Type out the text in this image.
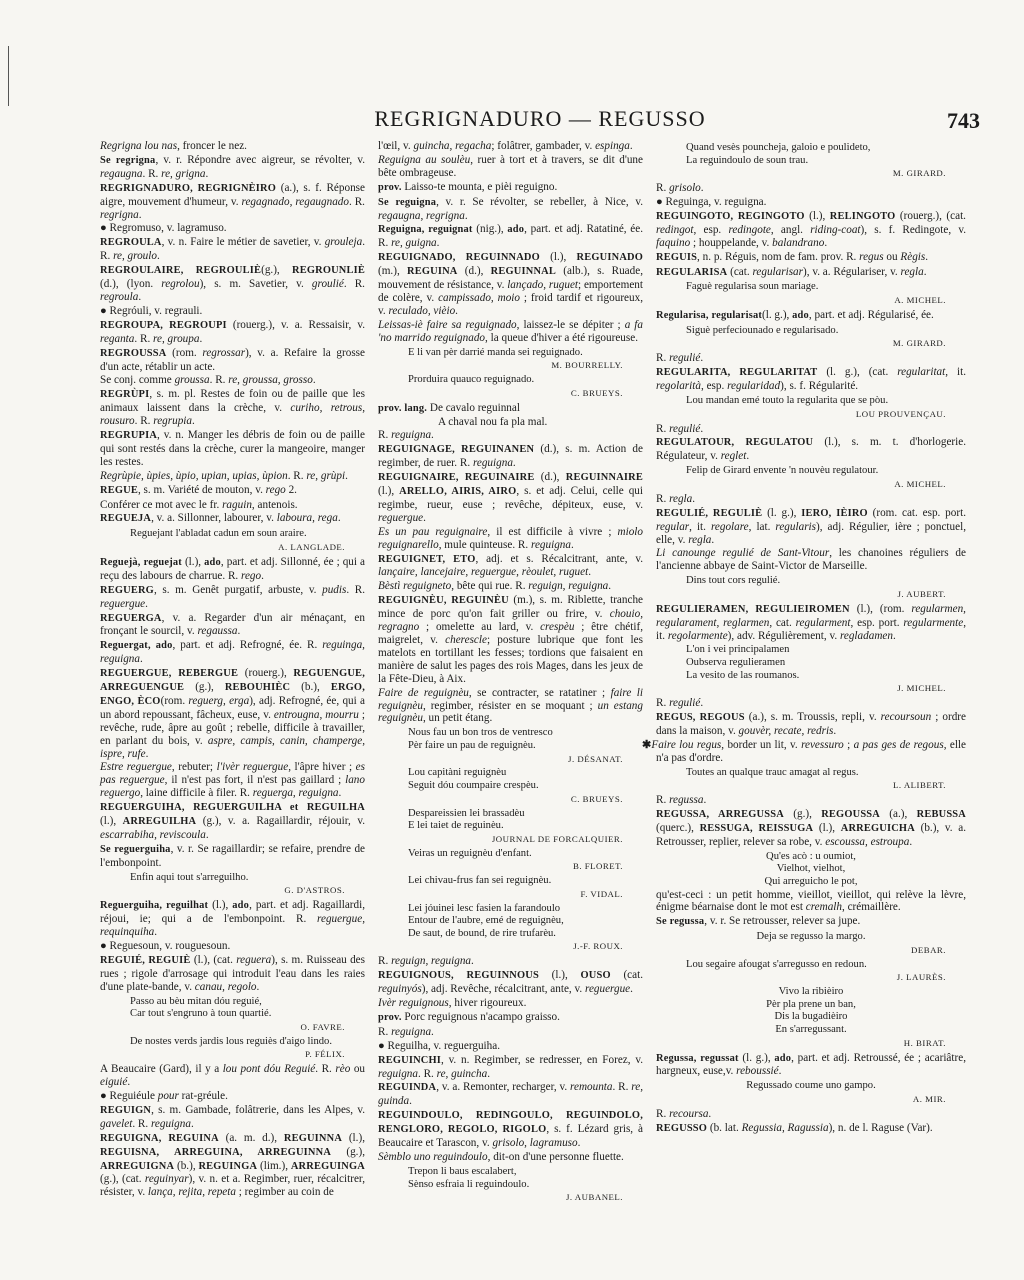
REGRIGNADURO — REGUSSO	743
Regrigna lou nas, froncer le nez.
Se regrigna, v. r. Répondre avec aigreur, se révolter, v. regaugna. R. re, grigna.
REGRIGNADURO, REGRIGNÈIRO (a.), s. f. Réponse aigre, mouvement d'humeur, v. regagnado, regaugnado. R. regrigna.
● Regromuso, v. lagramuso.
REGROULA, v. n. Faire le métier de savetier, v. grouleja. R. re, groulo.
REGROULAIRE, REGROULIÈ(g.), REGROUNLIÈ (d.), (lyon. regrolou), s. m. Savetier, v. groulié. R. regroula.
● Regróuli, v. regrauli.
REGROUPA, REGROUPI (rouerg.), v. a. Ressaisir, v. reganta. R. re, groupa.
REGROUSSA (rom. regrossar), v. a. Refaire la grosse d'un acte, rétablir un acte.
Se conj. comme groussa. R. re, groussa, grosso.
REGRÙPI, s. m. pl. Restes de foin ou de paille que les animaux laissent dans la crèche, v. curiho, retrous, rousuro. R. regrupia.
REGRUPIA, v. n. Manger les débris de foin ou de paille qui sont restés dans la crèche, curer la mangeoire, manger les restes.
Regrùpie, ùpies, ùpio, upian, upias, ùpion. R. re, grùpi.
REGUE, s. m. Variété de mouton, v. rego 2.
Conférer ce mot avec le fr. raguin, antenois.
REGUEJA, v. a. Sillonner, labourer, v. laboura, rega.
Reguejant l'abladat cadun em soun araire.
A. LANGLADE.
Reguejà, reguejat (l.), ado, part. et adj. Sillonné, ée ; qui a reçu des labours de charrue. R. rego.
REGUERG, s. m. Genêt purgatif, arbuste, v. pudis. R. reguergue.
REGUERGA, v. a. Regarder d'un air ménaçant, en fronçant le sourcil, v. regaussa.
Reguergat, ado, part. et adj. Refrogné, ée. R. reguinga, reguigna.
REGUERGUE, REBERGUE (rouerg.), REGUENGUE, ARREGUENGUE (g.), REBOUHIÈC (b.), ERGO, ENGO, ÈCO(rom. reguerg, erga), adj. Refrogné, ée, qui a un abord repoussant, fâcheux, euse, v. entrougna, mourru ; revêche, rude, âpre au goût ; rebelle, difficile à travailler, en parlant du bois, v. aspre, campis, canin, champerge, ispre, rufe.
Estre reguergue, rebuter; l'ivèr reguergue, l'âpre hiver ; es pas reguergue, il n'est pas fort, il n'est pas gaillard ; lano reguergo, laine difficile à filer. R. reguerga, reguigna.
REGUERGUIHA, REGUERGUILHA et REGUILHA (l.), ARREGUILHA (g.), v. a. Ragaillardir, réjouir, v. escarrabiha, reviscoula.
Se reguerguiha, v. r. Se ragaillardir; se refaire, prendre de l'embonpoint.
Enfin aqui tout s'arreguilho.
G. D'ASTROS.
Reguerguiha, reguilhat (l.), ado, part. et adj. Ragaillardi, réjoui, ie; qui a de l'embonpoint. R. reguergue, requinquiha.
● Reguesoun, v. rouguesoun.
REGUIÉ, REGUIÈ (l.), (cat. reguera), s. m. Ruisseau des rues ; rigole d'arrosage qui introduit l'eau dans les raies d'une plate-bande, v. canau, regolo.
Passo au bèu mitan dóu reguié,
Car tout s'engruno à toun quartié.
O. FAVRE.
De nostes verds jardis lous reguiès d'aigo lindo.
P. FÉLIX.
A Beaucaire (Gard), il y a lou pont dóu Reguié. R. rèo ou eiguié.
● Reguiéule pour rat-gréule.
REGUIGN, s. m. Gambade, folâtrerie, dans les Alpes, v. gavelet. R. reguigna.
REGUIGNA, REGUINA (a. m. d.), REGUINNA (l.), REGUISNA, ARREGUINA, ARREGUINNA (g.), ARREGUIGNA (b.), REGUINGA (lim.), ARREGUINGA (g.), (cat. reguinyar), v. n. et a. Regimber, ruer, récalcitrer, résister, v. lança, rejita, repeta ; regimber au coin de
l'œil, v. guincha, regacha; folâtrer, gambader, v. espinga.
Reguigna au soulèu, ruer à tort et à travers, se dit d'une bête ombrageuse.
prov. Laisso-te mounta, e pièi reguigno.
Se reguigna, v. r. Se révolter, se rebeller, à Nice, v. regaugna, regrigna.
Reguigna, reguignat (nig.), ado, part. et adj. Ratatiné, ée. R. re, guigna.
REGUIGNADO, REGUINNADO (l.), REGUINADO (m.), REGUINA (d.), REGUINNAL (alb.), s. Ruade, mouvement de résistance, v. lançado, ruguet; emportement de colère, v. campissado, moio ; froid tardif et rigoureux, v. reculado, vièio.
Leissas-iè faire sa reguignado, laissez-le se dépiter ; a fa 'no marrido reguignado, la queue d'hiver a été rigoureuse.
E li van pèr darrié manda sei reguignado.
M. BOURRELLY.
Prorduira quauco reguignado.
C. BRUEYS.
prov. lang. De cavalo reguinnal
A chaval nou fa pla mal.
R. reguigna.
REGUIGNAGE, REGUINANEN (d.), s. m. Action de regimber, de ruer. R. reguigna.
REGUIGNAIRE, REGUINAIRE (d.), REGUINNAIRE (l.), ARELLO, AIRIS, AIRO, s. et adj. Celui, celle qui regimbe, rueur, euse ; revêche, dépiteux, euse, v. reguergue.
Es un pau reguignaire, il est difficile à vivre ; miolo reguignarello, mule quinteuse. R. reguigna.
REGUIGNET, ETO, adj. et s. Récalcitrant, ante, v. lançaire, lancejaire, reguergue, rèoulet, ruguet.
Bèstì reguigneto, bête qui rue. R. reguign, reguigna.
REGUIGNÈU, REGUINÈU (m.), s. m. Riblette, tranche mince de porc qu'on fait griller ou frire, v. chouio, regragno ; omelette au lard, v. crespèu ; être chétif, maigrelet, v. cherescle; posture lubrique que font les matelots en tortillant les fesses; tordions que faisaient en manière de salut les pages des rois Mages, dans les jeux de la Fête-Dieu, à Aix.
Faire de reguignèu, se contracter, se ratatiner ; faire li reguignèu, regimber, résister en se moquant ; un estang reguignèu, un petit étang.
Nous fau un bon tros de ventresco
Pèr faire un pau de reguignèu.
J. DÉSANAT.
Lou capitàni reguignèu
Seguit dóu coumpaire crespèu.
C. BRUEYS.
Despareissien lei brassadèu
E lei taiet de reguinèu.
JOURNAL DE FORCALQUIER.
Veiras un reguignèu d'enfant.
B. FLORET.
Lei chivau-frus fan sei reguignèu.
F. VIDAL.
Lei jóuinei lesc fasien la farandoulo
Entour de l'aubre, emé de reguignèu,
De saut, de bound, de rire trufarèu.
J.-F. ROUX.
R. reguign, reguigna.
REGUIGNOUS, REGUINNOUS (l.), OUSO (cat. reguinyós), adj. Revêche, récalcitrant, ante, v. reguergue.
Ivèr reguignous, hiver rigoureux.
prov. Porc reguignous n'acampo graisso.
R. reguigna.
● Reguilha, v. reguerguiha.
REGUINCHI, v. n. Regimber, se redresser, en Forez, v. reguigna. R. re, guincha.
REGUINDA, v. a. Remonter, recharger, v. remounta. R. re, guinda.
REGUINDOULO, REDINGOULO, REGUINDOLO, RENGLORO, REGOLO, RIGOLO, s. f. Lézard gris, à Beaucaire et Tarascon, v. grisolo, lagramuso.
Sèmblo uno reguindoulo, dit-on d'une personne fluette.
Trepon li baus escalabert,
Sènso esfraia li reguindoulo.
J. AUBANEL.
Quand vesès pouncheja, galoio e poulideto,
La reguindoulo de soun trau.
M. GIRARD.
R. grisolo.
● Reguinga, v. reguigna.
REGUINGOTO, REGINGOTO (l.), RELINGOTO (rouerg.), (cat. redingot, esp. redingote, angl. riding-coat), s. f. Redingote, v. faquino ; houppelande, v. balandrano.
REGUIS, n. p. Réguis, nom de fam. prov. R. regus ou Règis.
REGULARISA (cat. regularisar), v. a. Régulariser, v. regla.
Faguè regularisa soun mariage.
A. MICHEL.
Regularisa, regularisat(l. g.), ado, part. et adj. Régularisé, ée.
Siguè perfeciounado e regularisado.
M. GIRARD.
R. regulié.
REGULARITA, REGULARITAT (l. g.), (cat. regularitat, it. regolarità, esp. regularidad), s. f. Régularité.
Lou mandan emé touto la regularita que se pòu.
LOU PROUVENÇAU.
R. regulié.
REGULATOUR, REGULATOU (l.), s. m. t. d'horlogerie. Régulateur, v. reglet.
Felip de Girard envente 'n nouvèu regulatour.
A. MICHEL.
R. regla.
REGULIÉ, REGULIÈ (l. g.), IERO, IÈIRO (rom. cat. esp. port. regular, it. regolare, lat. regularis), adj. Régulier, ière ; ponctuel, elle, v. regla.
Li canounge regulié de Sant-Vitour, les chanoines réguliers de l'ancienne abbaye de Saint-Victor de Marseille.
Dins tout cors regulié.
J. AUBERT.
REGULIERAMEN, REGULIEIROMEN (l.), (rom. regularmen, regularament, reglarmen, cat. regularment, esp. port. regularmente, it. regolarmente), adv. Régulièrement, v. regladamen.
L'on i vei principalamen
Oubserva regulieramen
La vesito de las roumanos.
J. MICHEL.
R. regulié.
REGUS, REGOUS (a.), s. m. Troussis, repli, v. recoursoun ; ordre dans la maison, v. gouvèr, recate, redris.
✱Faire lou regus, border un lit, v. revessuro ; a pas ges de regous, elle n'a pas d'ordre.
Toutes an qualque trauc amagat al regus.
L. ALIBERT.
R. regussa.
REGUSSA, ARREGUSSA (g.), REGOUSSA (a.), REBUSSA (querc.), RESSUGA, REISSUGA (l.), ARREGUICHA (b.), v. a. Retrousser, replier, relever sa robe, v. escoussa, estroupa.
Qu'es acò : u oumiot,
Vielhot, vielhot,
Qui arreguicho le pot,
qu'est-ceci : un petit homme, vieillot, vieillot, qui relève la lèvre, énigme béarnaise dont le mot est cremalh, crémaillère.
Se regussa, v. r. Se retrousser, relever sa jupe.
Deja se regusso la margo.
DEBAR.
Lou segaire afougat s'arregusso en redoun.
J. LAURÈS.
Vivo la ribièiro
Pèr pla prene un ban,
Dis la bugadièiro
En s'arregussant.
H. BIRAT.
Regussa, regussat (l. g.), ado, part. et adj. Retroussé, ée ; acariâtre, hargneux, euse,v. reboussié.
Regussado coume uno gampo.
A. MIR.
R. recoursa.
REGUSSO (b. lat. Regussia, Ragussia), n. de l. Raguse (Var).
